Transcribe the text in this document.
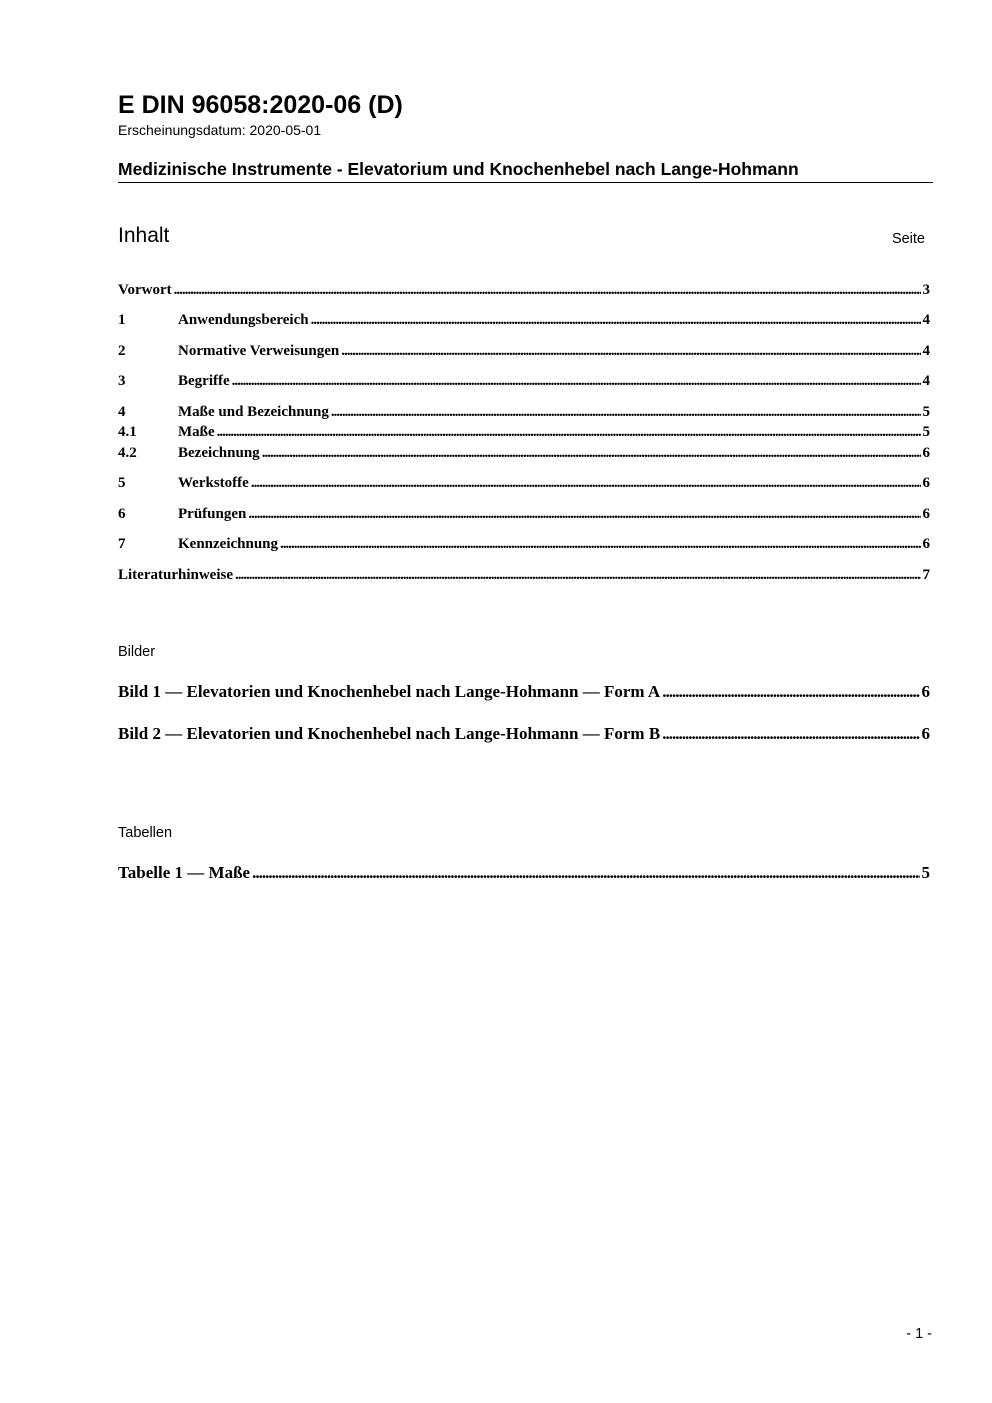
E DIN 96058:2020-06 (D)
Erscheinungsdatum: 2020-05-01
Medizinische Instrumente - Elevatorium und Knochenhebel nach Lange-Hohmann
Inhalt	Seite
Vorwort .....	3
1	Anwendungsbereich .....	4
2	Normative Verweisungen .....	4
3	Begriffe .....	4
4	Maße und Bezeichnung .....	5
4.1	Maße .....	5
4.2	Bezeichnung .....	6
5	Werkstoffe .....	6
6	Prüfungen .....	6
7	Kennzeichnung .....	6
Literaturhinweise .....	7
Bilder
Bild 1 — Elevatorien und Knochenhebel nach Lange-Hohmann — Form A .....	6
Bild 2 — Elevatorien und Knochenhebel nach Lange-Hohmann — Form B .....	6
Tabellen
Tabelle 1 — Maße .....	5
- 1 -
